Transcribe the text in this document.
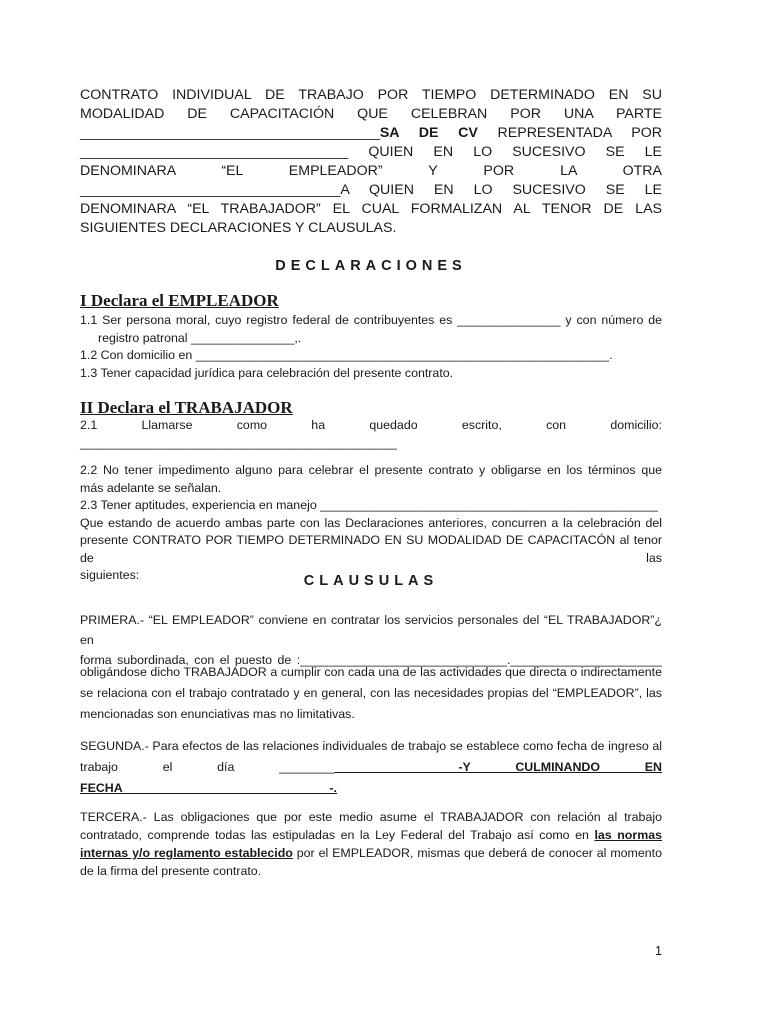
CONTRATO INDIVIDUAL DE TRABAJO POR TIEMPO DETERMINADO EN SU
MODALIDAD DE CAPACITACIÓN QUE CELEBRAN POR UNA PARTE
______________________________________SA DE CV REPRESENTADA POR
__________________________________ QUIEN EN LO SUCESIVO SE LE
DENOMINARA “EL EMPLEADOR” Y POR LA OTRA
_________________________________A QUIEN EN LO SUCESIVO SE LE
DENOMINARA “EL TRABAJADOR” EL CUAL FORMALIZAN AL TENOR DE LAS
SIGUIENTES DECLARACIONES Y CLAUSULAS.

DECLARACIONES

I Declara el EMPLEADOR

1.1 Ser persona moral, cuyo registro federal de contribuyentes es _______________ y con número de
registro patronal _______________,.
1.2 Con domicilio en ____________________________________________________________.
1.3 Tener capacidad jurídica para celebración del presente contrato.

II Declara el TRABAJADOR

2.1 Llamarse como ha quedado escrito, con domicilio:
______________________________________________
2.2 No tener impedimento alguno para celebrar el presente contrato y obligarse en los términos que
más adelante se señalan.
2.3 Tener aptitudes, experiencia en manejo _________________________________________________
Que estando de acuerdo ambas parte con las Declaraciones anteriores, concurren a la celebración del
presente CONTRATO POR TIEMPO DETERMINADO EN SU MODALIDAD DE CAPACITACÓN al tenor de las
siguientes:	CLAUSULAS

PRIMERA.- “EL EMPLEADOR” conviene en contratar los servicios personales del “EL TRABAJADOR”¿ en
forma subordinada, con el puesto de :______________________________.______________________
obligándose dicho TRABAJADOR a cumplir con cada una de las actividades que directa o indirectamente
se relaciona con el trabajo contratado y en general, con las necesidades propias del “EMPLEADOR”, las
mencionadas son enunciativas mas no limitativas.
SEGUNDA.- Para efectos de las relaciones individuales de trabajo se establece como fecha de ingreso al
trabajo el día __________________________-Y CULMINANDO EN
FECHA______________________________-.
TERCERA.- Las obligaciones que por este medio asume el TRABAJADOR con relación al trabajo
contratado, comprende todas las estipuladas en la Ley Federal del Trabajo así como en las normas
internas y/o reglamento establecido por el EMPLEADOR, mismas que deberá de conocer al momento
de la firma del presente contrato.
1
